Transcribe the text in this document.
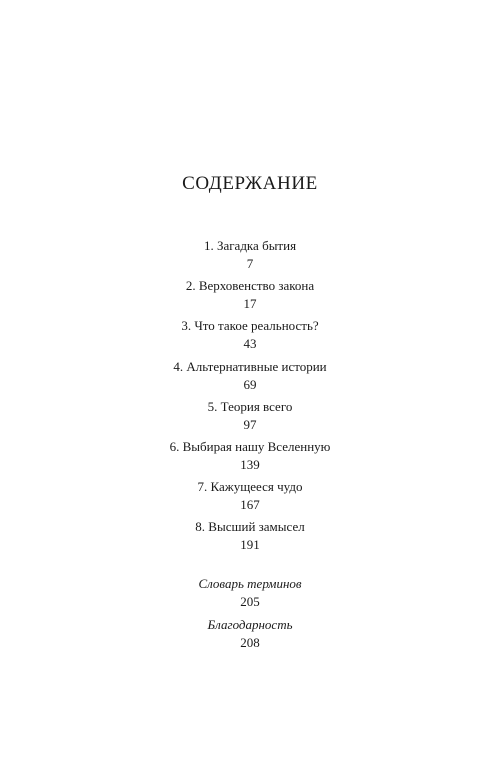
СОДЕРЖАНИЕ
1. Загадка бытия
7
2. Верховенство закона
17
3. Что такое реальность?
43
4. Альтернативные истории
69
5. Теория всего
97
6. Выбирая нашу Вселенную
139
7. Кажущееся чудо
167
8. Высший замысел
191
Словарь терминов
205
Благодарность
208
